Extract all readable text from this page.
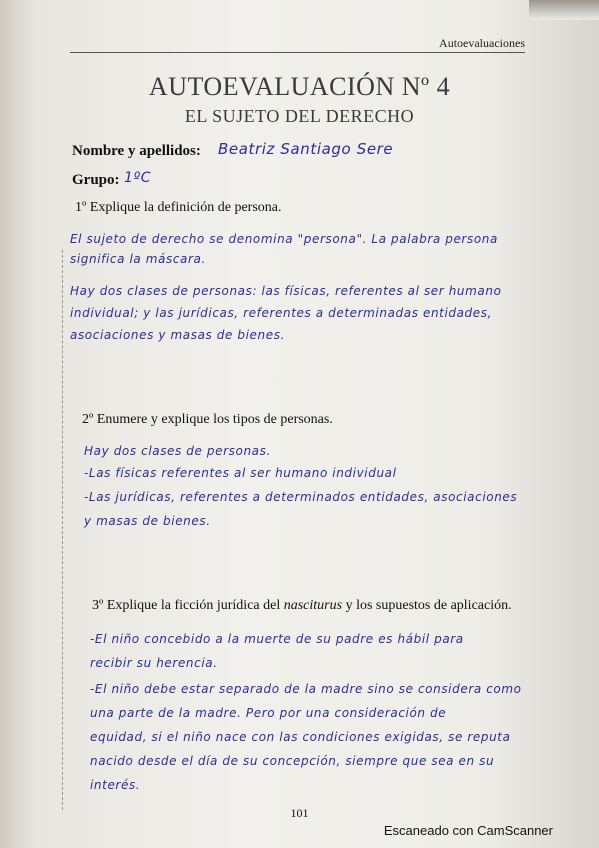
Autoevaluaciones
AUTOEVALUACIÓN Nº 4
EL SUJETO DEL DERECHO
Nombre y apellidos: Beatriz Santiago Sere
Grupo: 1ºC
1º Explique la definición de persona.
El sujeto de derecho se denomina "persona". La palabra persona
significa la máscara.
Hay dos clases de personas: las físicas, referentes al ser humano
individual; y las jurídicas, referentes a determinadas entidades,
asociaciones y masas de bienes.
2º Enumere y explique los tipos de personas.
Hay dos clases de personas.
-Las físicas referentes al ser humano individual
-Las jurídicas, referentes a determinados entidades, asociaciones
y masas de bienes.
3º Explique la ficción jurídica del nasciturus y los supuestos de aplicación.
-El niño concebido a la muerte de su padre es hábil para
recibir su herencia.
-El niño debe estar separado de la madre sino se considera como
una parte de la madre. Pero por una consideración de
equidad, si el niño nace con las condiciones exigidas, se reputa
nacido desde el día de su concepción, siempre que sea en su
interés.
101
Escaneado con CamScanner
